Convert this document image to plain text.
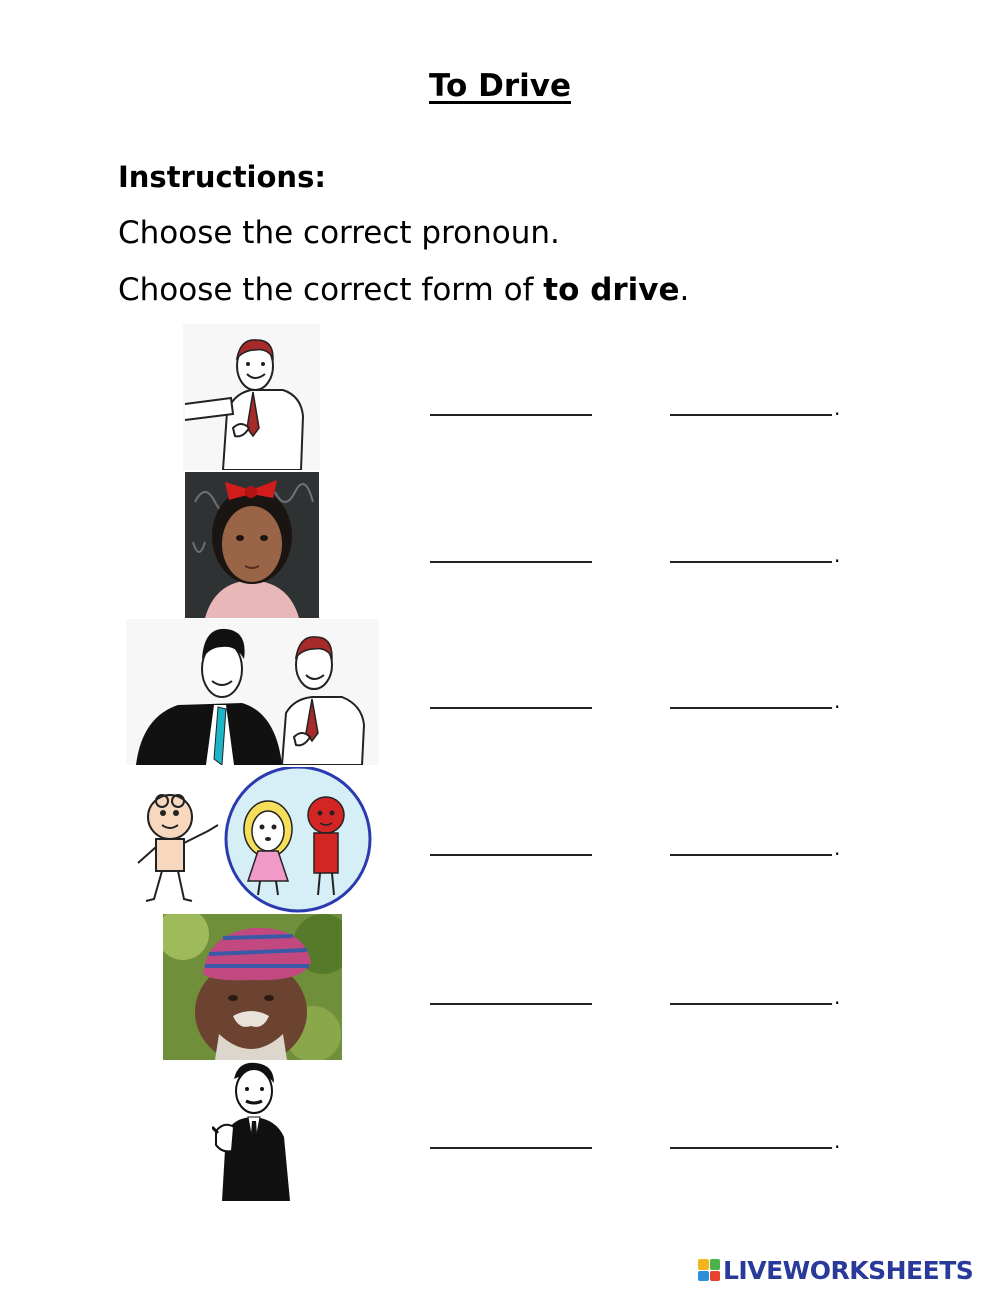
To Drive
Instructions:
Choose the correct pronoun.
Choose the correct form of to drive.
.
.
.
.
.
.
LIVEWORKSHEETS
